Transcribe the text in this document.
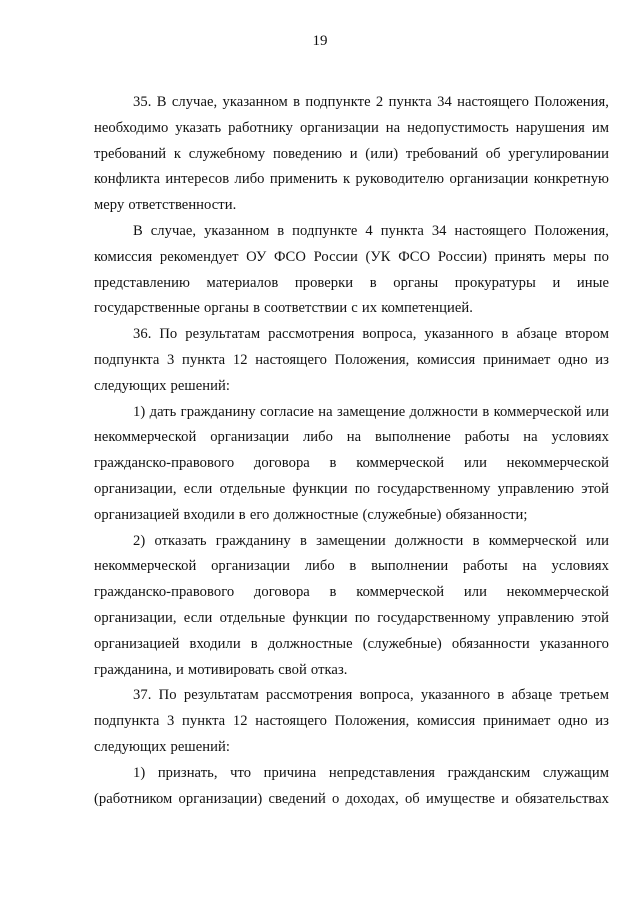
19

35. В случае, указанном в подпункте 2 пункта 34 настоящего Положения, необходимо указать работнику организации на недопустимость нарушения им требований к служебному поведению и (или) требований об урегулировании конфликта интересов либо применить к руководителю организации конкретную меру ответственности.

В случае, указанном в подпункте 4 пункта 34 настоящего Положения, комиссия рекомендует ОУ ФСО России (УК ФСО России) принять меры по представлению материалов проверки в органы прокуратуры и иные государственные органы в соответствии с их компетенцией.

36. По результатам рассмотрения вопроса, указанного в абзаце втором подпункта 3 пункта 12 настоящего Положения, комиссия принимает одно из следующих решений:

1) дать гражданину согласие на замещение должности в коммерческой или некоммерческой организации либо на выполнение работы на условиях гражданско-правового договора в коммерческой или некоммерческой организации, если отдельные функции по государственному управлению этой организацией входили в его должностные (служебные) обязанности;

2) отказать гражданину в замещении должности в коммерческой или некоммерческой организации либо в выполнении работы на условиях гражданско-правового договора в коммерческой или некоммерческой организации, если отдельные функции по государственному управлению этой организацией входили в должностные (служебные) обязанности указанного гражданина, и мотивировать свой отказ.

37. По результатам рассмотрения вопроса, указанного в абзаце третьем подпункта 3 пункта 12 настоящего Положения, комиссия принимает одно из следующих решений:

1) признать, что причина непредставления гражданским служащим (работником организации) сведений о доходах, об имуществе и обязательствах
